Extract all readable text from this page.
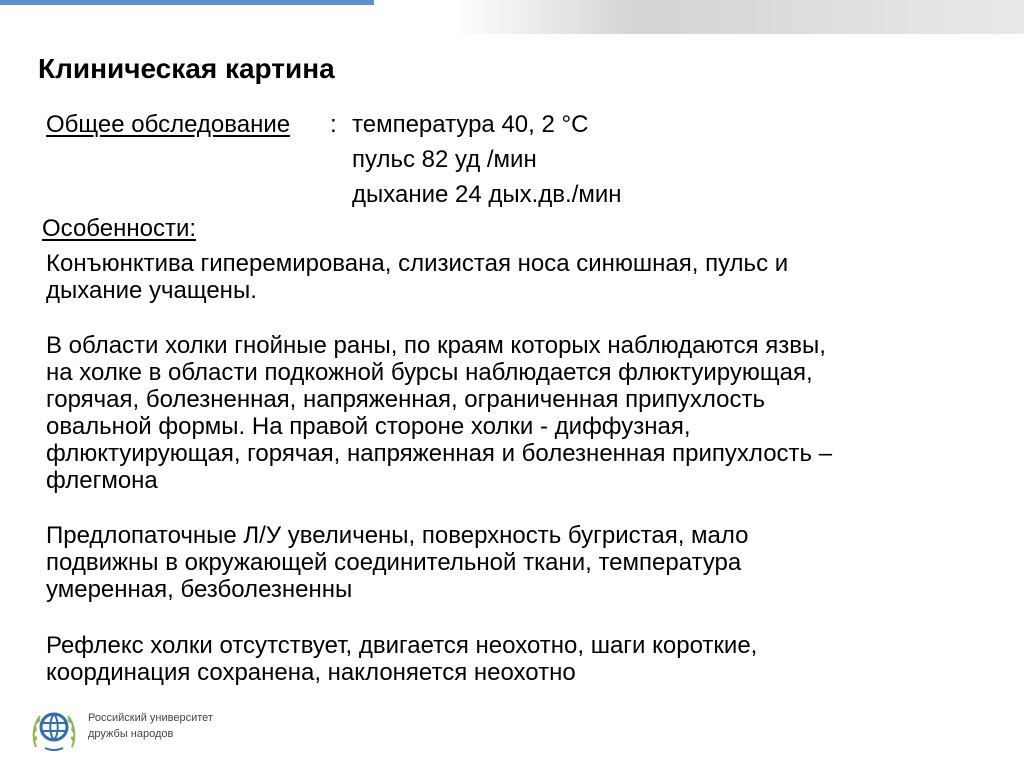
Клиническая картина
Общее обследование : температура 40, 2 °С
пульс 82 уд /мин
дыхание 24 дых.дв./мин
Особенности:
Конъюнктива гиперемирована, слизистая носа синюшная, пульс и
дыхание учащены.
В области холки гнойные раны, по краям которых наблюдаются язвы,
на холке в области подкожной бурсы наблюдается флюктуирующая,
горячая, болезненная, напряженная, ограниченная припухлость
овальной формы. На правой стороне холки - диффузная,
флюктуирующая, горячая, напряженная и болезненная припухлость –
флегмона
Предлопаточные Л/У увеличены, поверхность бугристая, мало
подвижны в окружающей соединительной ткани, температура
умеренная, безболезненны
Рефлекс холки отсутствует, двигается неохотно, шаги короткие,
координация сохранена, наклоняется неохотно
Российский университет
дружбы народов
